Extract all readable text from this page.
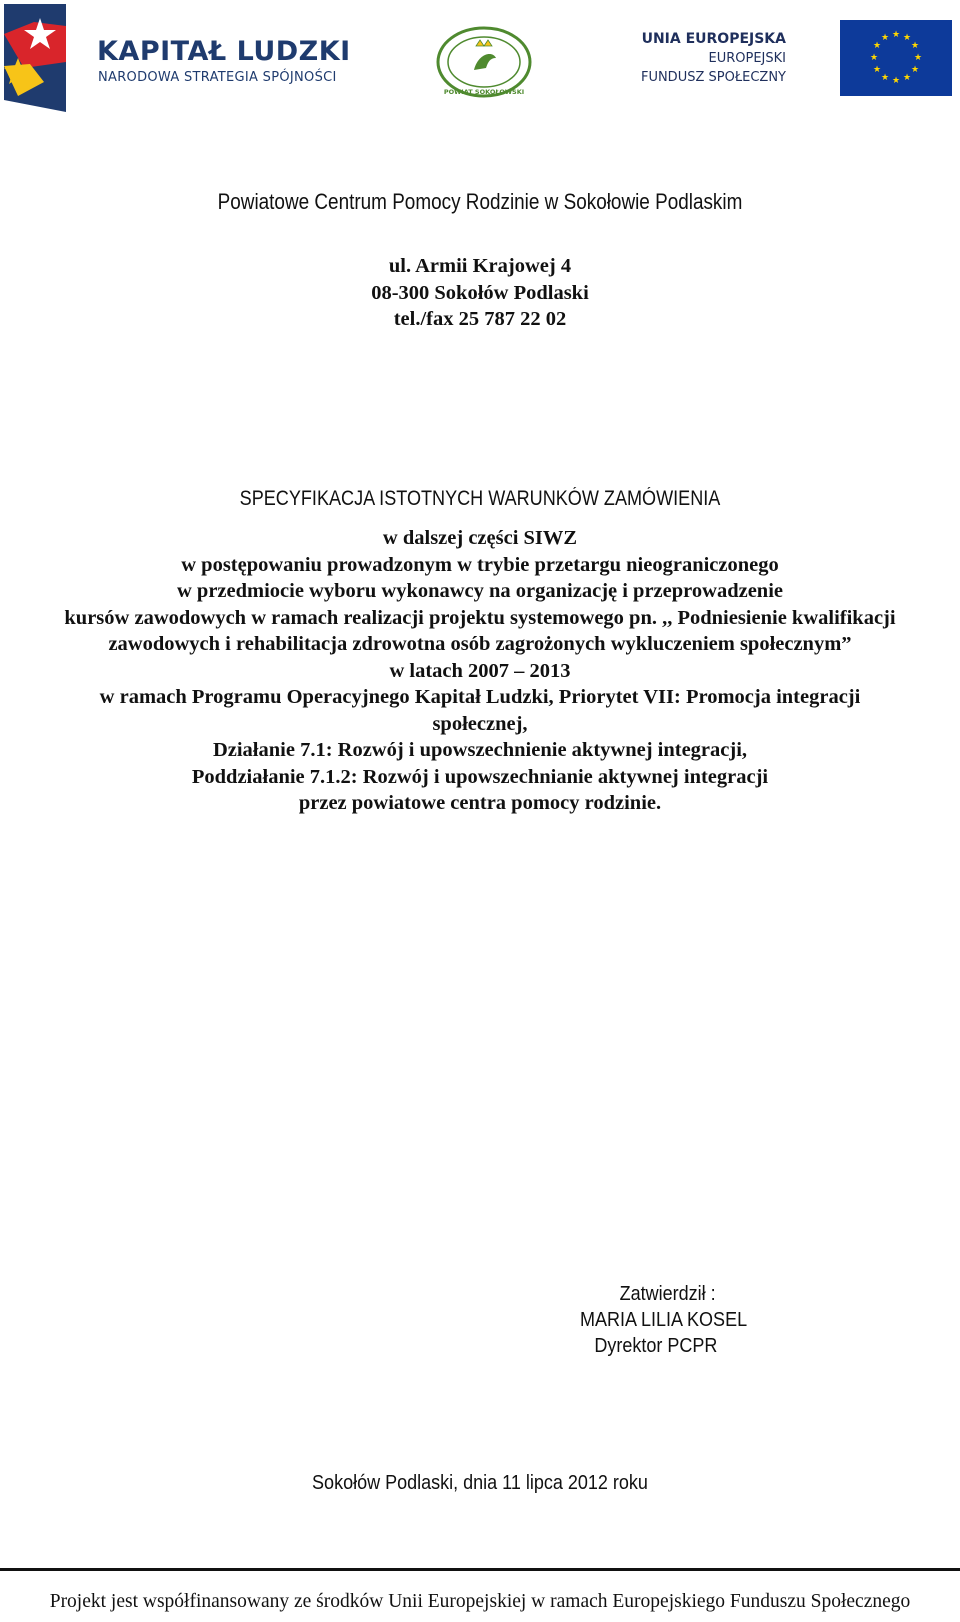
KAPITAŁ LUDZKI
NARODOWA STRATEGIA SPÓJNOŚCI
POWIAT SOKOŁOWSKI
UNIA EUROPEJSKA
EUROPEJSKI
FUNDUSZ SPOŁECZNY
★ ★
★
★
★
★
★
★
★
★
★
★
Powiatowe Centrum Pomocy Rodzinie w Sokołowie Podlaskim
ul. Armii Krajowej 4
08-300 Sokołów Podlaski
tel./fax 25 787 22 02
SPECYFIKACJA ISTOTNYCH WARUNKÓW ZAMÓWIENIA
w dalszej części SIWZ
w postępowaniu prowadzonym w trybie przetargu nieograniczonego
w przedmiocie wyboru wykonawcy na organizację i przeprowadzenie
kursów zawodowych w ramach realizacji projektu systemowego pn. ,, Podniesienie kwalifikacji
zawodowych i rehabilitacja zdrowotna osób zagrożonych wykluczeniem społecznym”
w latach 2007 – 2013
w ramach Programu Operacyjnego Kapitał Ludzki, Priorytet VII: Promocja integracji
społecznej,
Działanie 7.1: Rozwój i upowszechnienie aktywnej integracji,
Poddziałanie 7.1.2: Rozwój i upowszechnianie aktywnej integracji
przez powiatowe centra pomocy rodzinie.
Zatwierdził :
MARIA LILIA KOSEL
Dyrektor PCPR
Sokołów Podlaski, dnia 11 lipca 2012 roku
Projekt jest współfinansowany ze środków Unii Europejskiej w ramach Europejskiego Funduszu Społecznego
